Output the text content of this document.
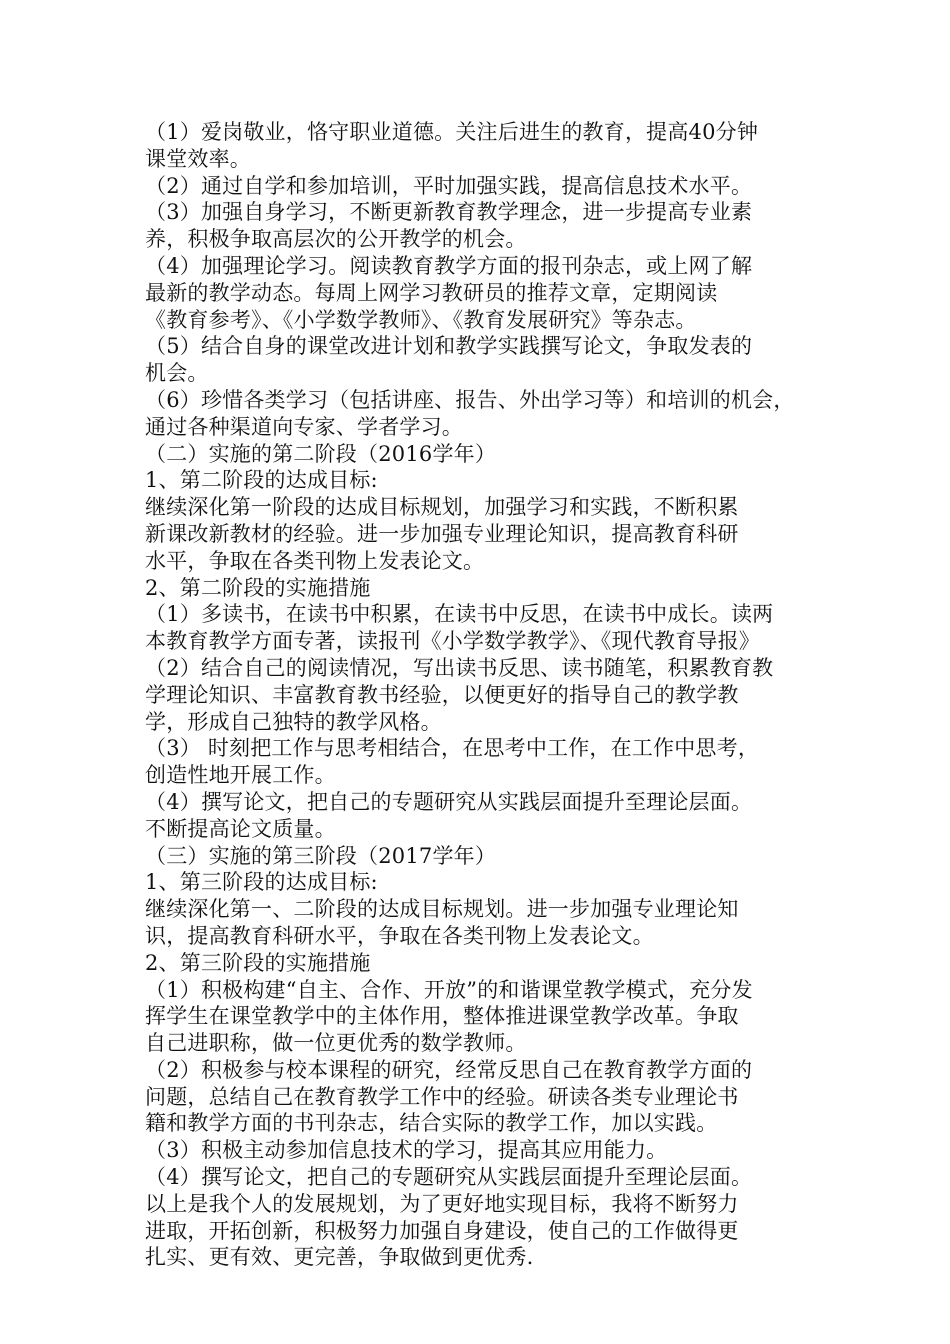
（1）爱岗敬业，恪守职业道德。关注后进生的教育，提高40分钟
课堂效率。
（2）通过自学和参加培训，平时加强实践，提高信息技术水平。
（3）加强自身学习，不断更新教育教学理念，进一步提高专业素
养，积极争取高层次的公开教学的机会。
（4）加强理论学习。阅读教育教学方面的报刊杂志，或上网了解
最新的教学动态。每周上网学习教研员的推荐文章，定期阅读
《教育参考》、《小学数学教师》、《教育发展研究》等杂志。
（5）结合自身的课堂改进计划和教学实践撰写论文，争取发表的
机会。
（6）珍惜各类学习（包括讲座、报告、外出学习等）和培训的机会，
通过各种渠道向专家、学者学习。
（二）实施的第二阶段（2016学年）
1、第二阶段的达成目标:
继续深化第一阶段的达成目标规划，加强学习和实践，不断积累
新课改新教材的经验。进一步加强专业理论知识，提高教育科研
水平，争取在各类刊物上发表论文。
2、第二阶段的实施措施
（1）多读书，在读书中积累，在读书中反思，在读书中成长。读两
本教育教学方面专著，读报刊《小学数学教学》、《现代教育导报》
（2）结合自己的阅读情况，写出读书反思、读书随笔，积累教育教
学理论知识、丰富教育教书经验，以便更好的指导自己的教学教
学，形成自己独特的教学风格。
（3） 时刻把工作与思考相结合，在思考中工作，在工作中思考，
创造性地开展工作。
（4）撰写论文，把自己的专题研究从实践层面提升至理论层面。
不断提高论文质量。
（三）实施的第三阶段（2017学年）
1、第三阶段的达成目标:
继续深化第一、二阶段的达成目标规划。进一步加强专业理论知
识，提高教育科研水平，争取在各类刊物上发表论文。
2、第三阶段的实施措施
（1）积极构建“自主、合作、开放”的和谐课堂教学模式，充分发
挥学生在课堂教学中的主体作用，整体推进课堂教学改革。争取
自己进职称，做一位更优秀的数学教师。
（2）积极参与校本课程的研究，经常反思自己在教育教学方面的
问题，总结自己在教育教学工作中的经验。研读各类专业理论书
籍和教学方面的书刊杂志，结合实际的教学工作，加以实践。
（3）积极主动参加信息技术的学习，提高其应用能力。
（4）撰写论文，把自己的专题研究从实践层面提升至理论层面。
以上是我个人的发展规划，为了更好地实现目标，我将不断努力
进取，开拓创新，积极努力加强自身建设，使自己的工作做得更
扎实、更有效、更完善，争取做到更优秀.
